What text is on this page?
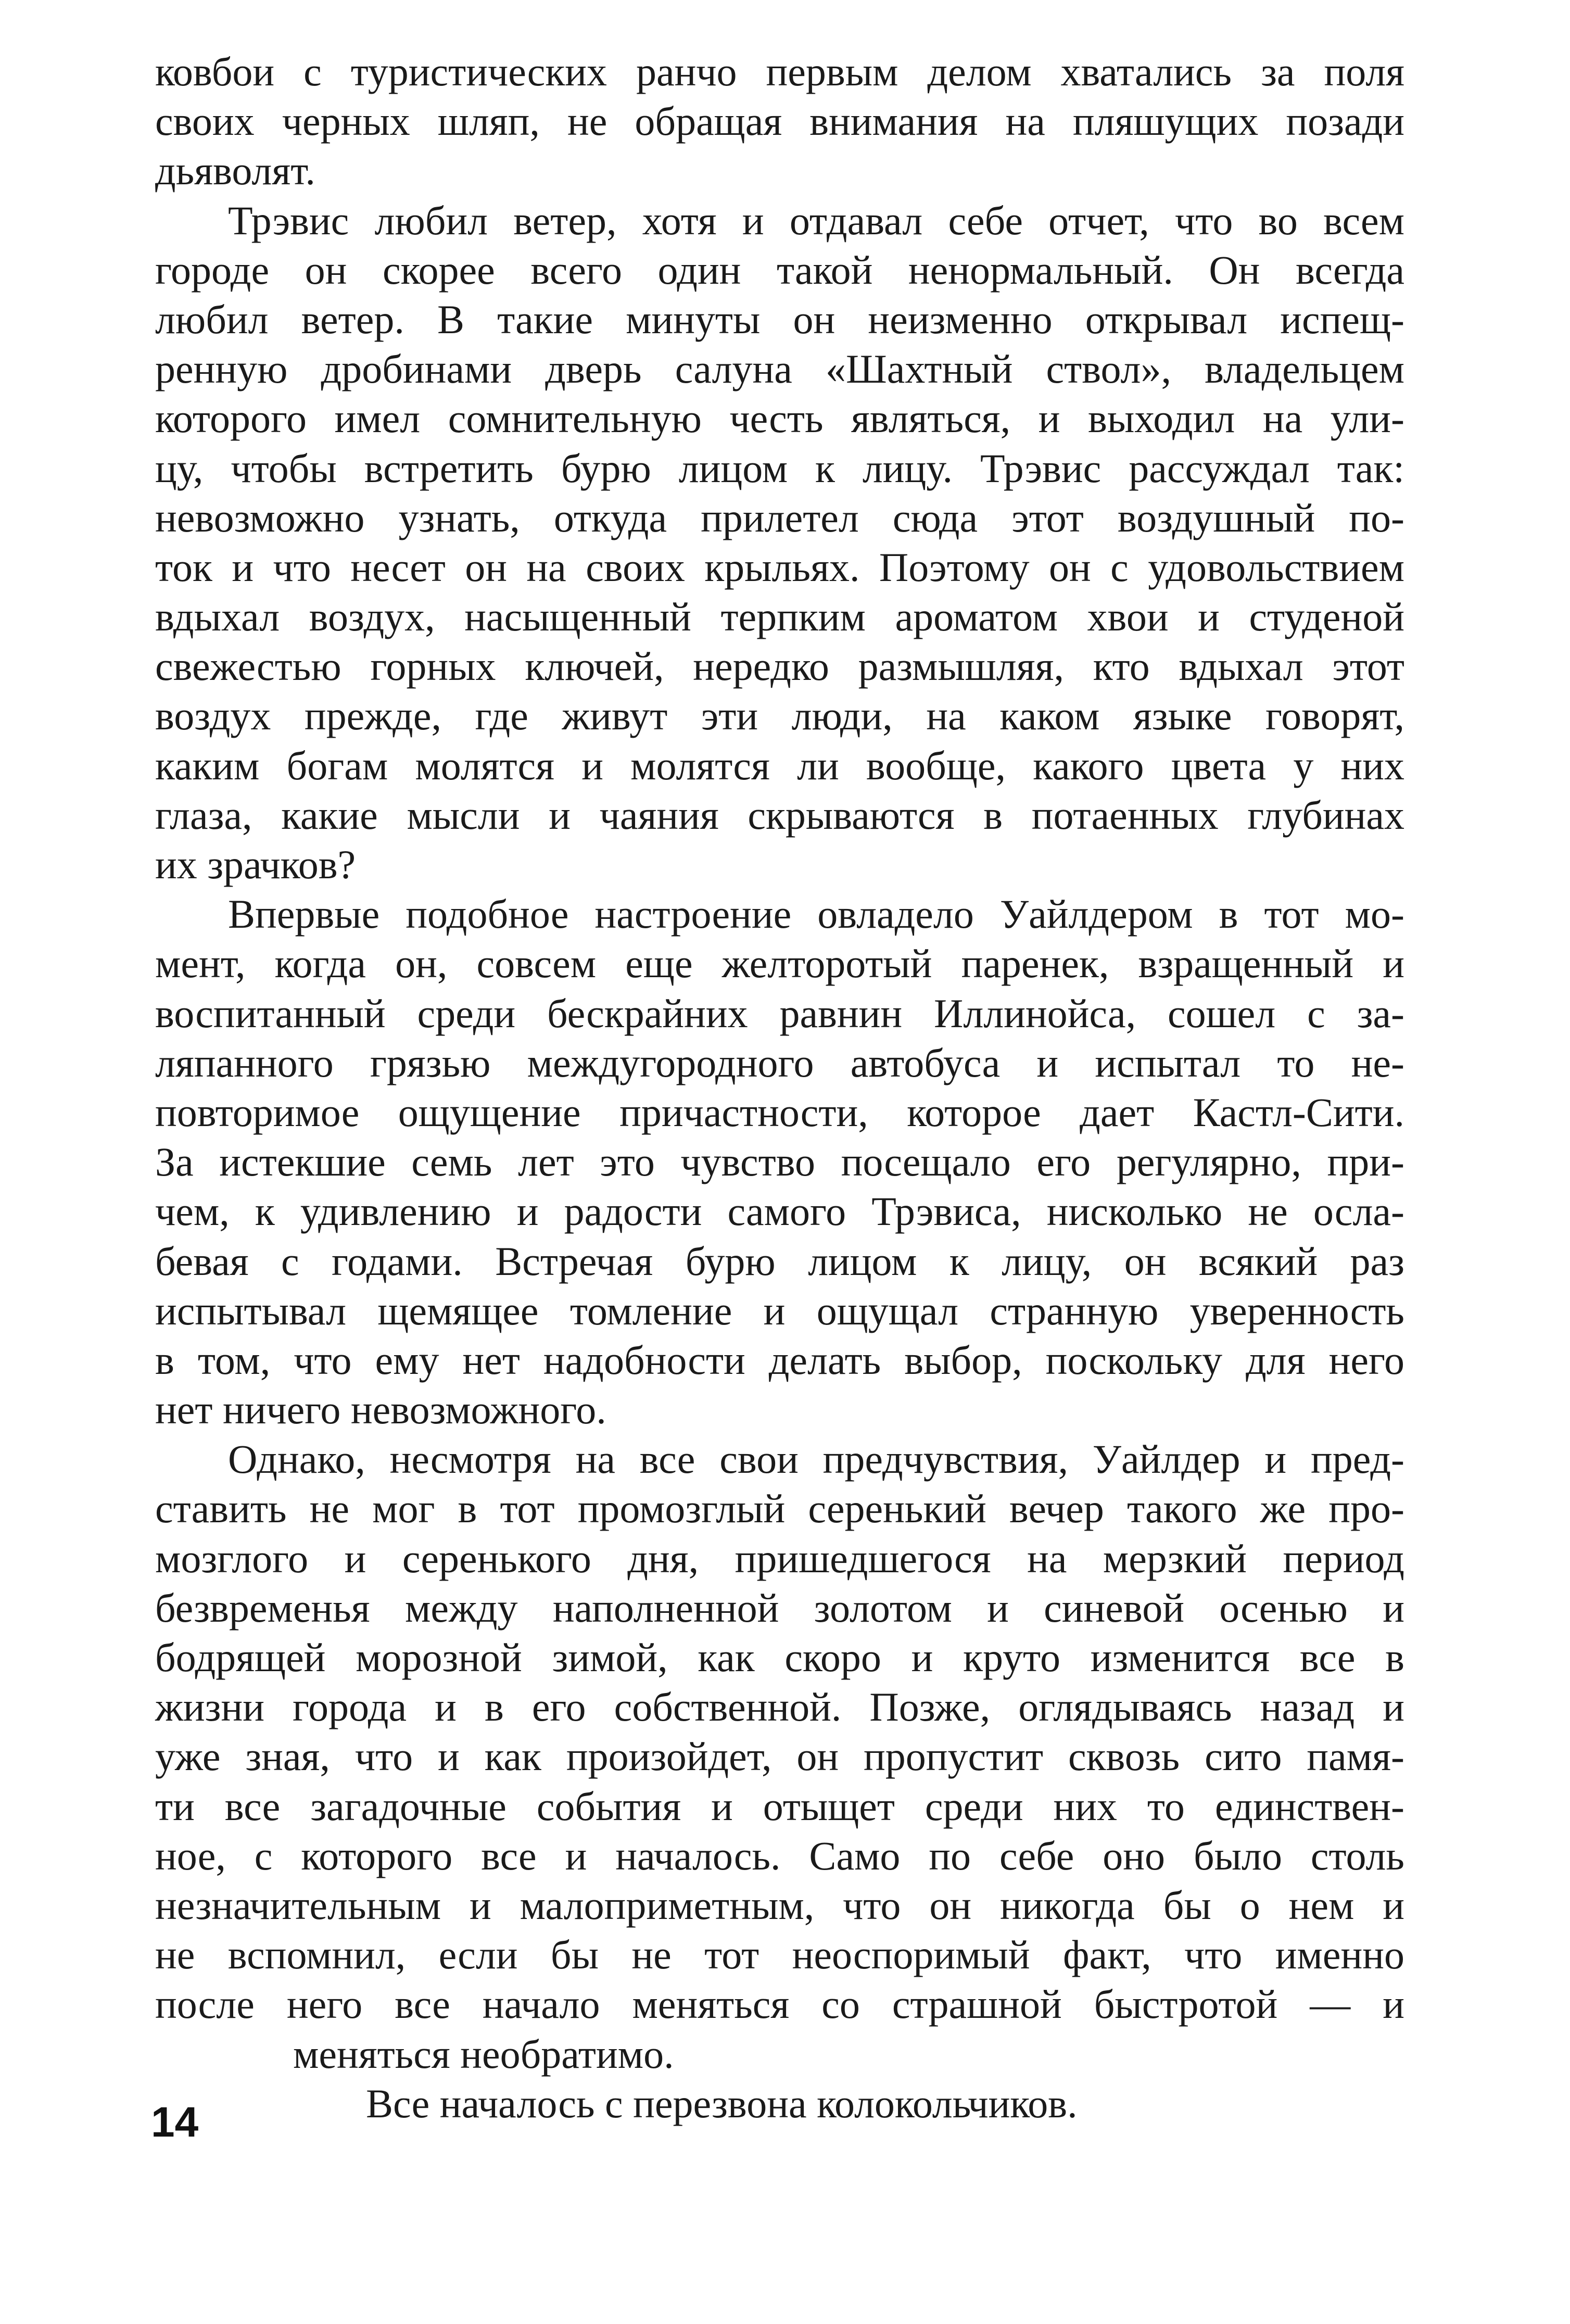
ковбои с туристических ранчо первым делом хватались за поля
своих черных шляп, не обращая внимания на пляшущих позади
дьяволят.
Трэвис любил ветер, хотя и отдавал себе отчет, что во всем
городе он скорее всего один такой ненормальный. Он всегда
любил ветер. В такие минуты он неизменно открывал испещ-
ренную дробинами дверь салуна «Шахтный ствол», владельцем
которого имел сомнительную честь являться, и выходил на ули-
цу, чтобы встретить бурю лицом к лицу. Трэвис рассуждал так:
невозможно узнать, откуда прилетел сюда этот воздушный по-
ток и что несет он на своих крыльях. Поэтому он с удовольствием
вдыхал воздух, насыщенный терпким ароматом хвои и студеной
свежестью горных ключей, нередко размышляя, кто вдыхал этот
воздух прежде, где живут эти люди, на каком языке говорят,
каким богам молятся и молятся ли вообще, какого цвета у них
глаза, какие мысли и чаяния скрываются в потаенных глубинах
их зрачков?
Впервые подобное настроение овладело Уайлдером в тот мо-
мент, когда он, совсем еще желторотый паренек, взращенный и
воспитанный среди бескрайних равнин Иллинойса, сошел с за-
ляпанного грязью междугородного автобуса и испытал то не-
повторимое ощущение причастности, которое дает Кастл-Сити.
За истекшие семь лет это чувство посещало его регулярно, при-
чем, к удивлению и радости самого Трэвиса, нисколько не осла-
бевая с годами. Встречая бурю лицом к лицу, он всякий раз
испытывал щемящее томление и ощущал странную уверенность
в том, что ему нет надобности делать выбор, поскольку для него
нет ничего невозможного.
Однако, несмотря на все свои предчувствия, Уайлдер и пред-
ставить не мог в тот промозглый серенький вечер такого же про-
мозглого и серенького дня, пришедшегося на мерзкий период
безвременья между наполненной золотом и синевой осенью и
бодрящей морозной зимой, как скоро и круто изменится все в
жизни города и в его собственной. Позже, оглядываясь назад и
уже зная, что и как произойдет, он пропустит сквозь сито памя-
ти все загадочные события и отыщет среди них то единствен-
ное, с которого все и началось. Само по себе оно было столь
незначительным и малоприметным, что он никогда бы о нем и
не вспомнил, если бы не тот неоспоримый факт, что именно
после него все начало меняться со страшной быстротой — и
меняться необратимо.
Все началось с перезвона колокольчиков.
14
